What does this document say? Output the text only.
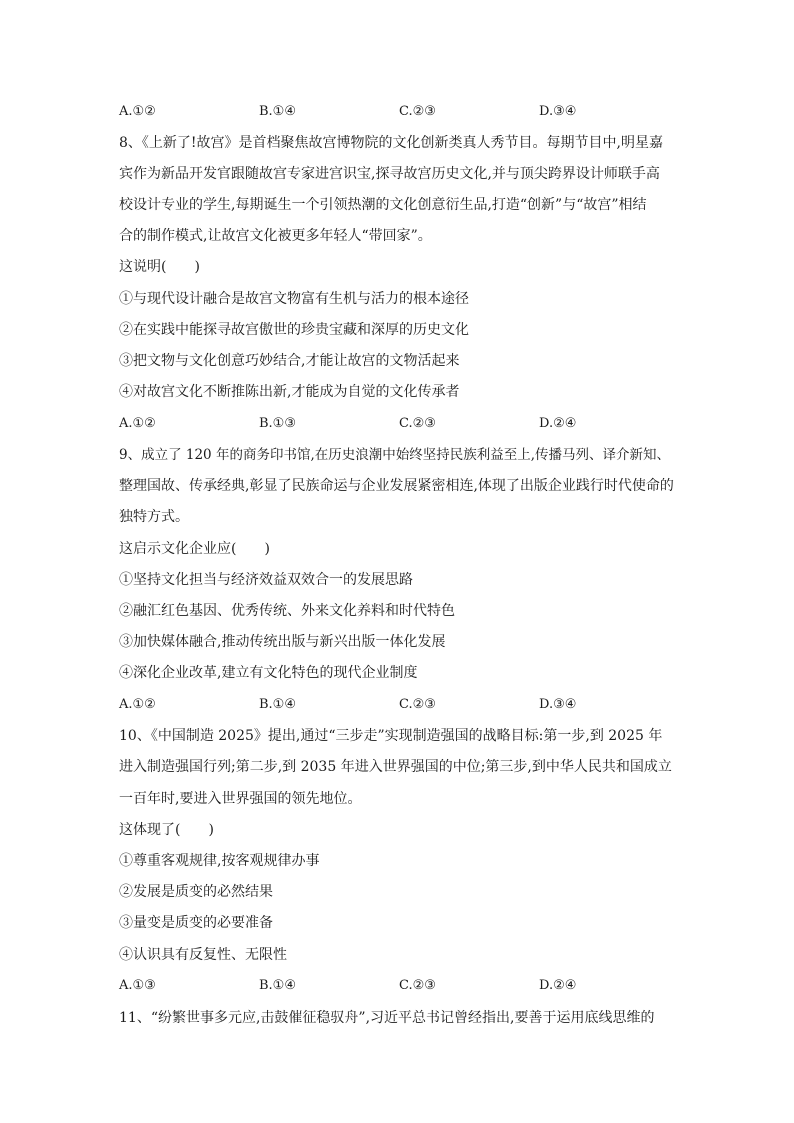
A.①②	B.①④	C.②③	D.③④
8、《上新了!故宫》是首档聚焦故宫博物院的文化创新类真人秀节目。每期节目中,明星嘉
宾作为新品开发官跟随故宫专家进宫识宝,探寻故宫历史文化,并与顶尖跨界设计师联手高
校设计专业的学生,每期诞生一个引领热潮的文化创意衍生品,打造“创新”与“故宫”相结
合的制作模式,让故宫文化被更多年轻人“带回家”。
这说明(　　)
①与现代设计融合是故宫文物富有生机与活力的根本途径
②在实践中能探寻故宫傲世的珍贵宝藏和深厚的历史文化
③把文物与文化创意巧妙结合,才能让故宫的文物活起来
④对故宫文化不断推陈出新,才能成为自觉的文化传承者
A.①②	B.①③	C.②③	D.②④
9、成立了 120 年的商务印书馆,在历史浪潮中始终坚持民族利益至上,传播马列、译介新知、
整理国故、传承经典,彰显了民族命运与企业发展紧密相连,体现了出版企业践行时代使命的
独特方式。
这启示文化企业应(　　)
①坚持文化担当与经济效益双效合一的发展思路
②融汇红色基因、优秀传统、外来文化养料和时代特色
③加快媒体融合,推动传统出版与新兴出版一体化发展
④深化企业改革,建立有文化特色的现代企业制度
A.①②	B.①④	C.②③	D.③④
10、《中国制造 2025》提出,通过“三步走”实现制造强国的战略目标:第一步,到 2025 年
进入制造强国行列;第二步,到 2035 年进入世界强国的中位;第三步,到中华人民共和国成立
一百年时,要进入世界强国的领先地位。
这体现了(　　)
①尊重客观规律,按客观规律办事
②发展是质变的必然结果
③量变是质变的必要准备
④认识具有反复性、无限性
A.①③	B.①④	C.②③	D.②④
11、“纷繁世事多元应,击鼓催征稳驭舟”,习近平总书记曾经指出,要善于运用底线思维的
